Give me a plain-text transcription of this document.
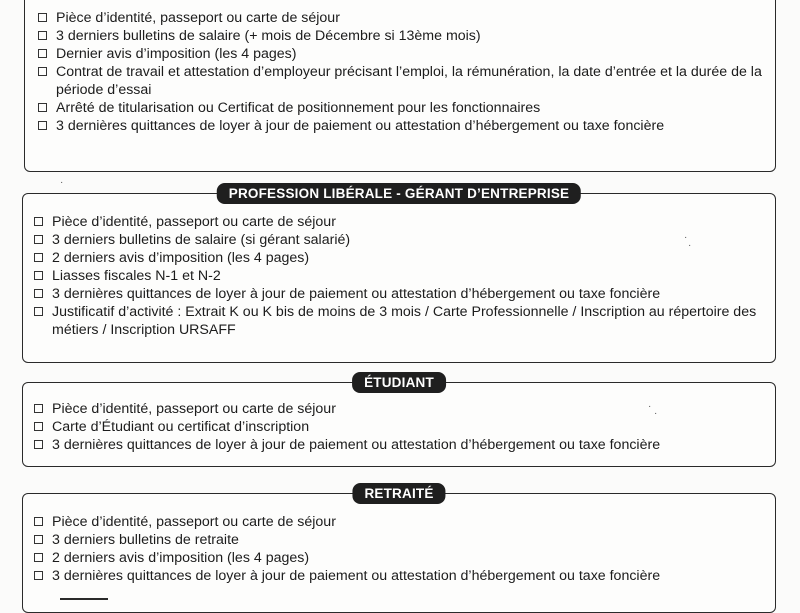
Pièce d’identité, passeport ou carte de séjour
3 derniers bulletins de salaire (+ mois de Décembre si 13ème mois)
Dernier avis d’imposition (les 4 pages)
Contrat de travail et attestation d’employeur précisant l’emploi, la rémunération, la date d’entrée et la durée de la période d’essai
Arrêté de titularisation ou Certificat de positionnement pour les fonctionnaires
3 dernières quittances de loyer à jour de paiement ou attestation d’hébergement ou taxe foncière
PROFESSION LIBÉRALE - GÉRANT D’ENTREPRISE
Pièce d’identité, passeport ou carte de séjour
3 derniers bulletins de salaire (si gérant salarié)
2 derniers avis d’imposition (les 4 pages)
Liasses fiscales N-1 et N-2
3 dernières quittances de loyer à jour de paiement ou attestation d’hébergement ou taxe foncière
Justificatif d’activité : Extrait K ou K bis de moins de 3 mois / Carte Professionnelle / Inscription au répertoire des métiers / Inscription URSAFF
ÉTUDIANT
Pièce d’identité, passeport ou carte de séjour
Carte d’Étudiant ou certificat d’inscription
3 dernières quittances de loyer à jour de paiement ou attestation d’hébergement ou taxe foncière
RETRAITÉ
Pièce d’identité, passeport ou carte de séjour
3 derniers bulletins de retraite
2 derniers avis d’imposition (les 4 pages)
3 dernières quittances de loyer à jour de paiement ou attestation d’hébergement ou taxe foncière
·
·
·
·
·
